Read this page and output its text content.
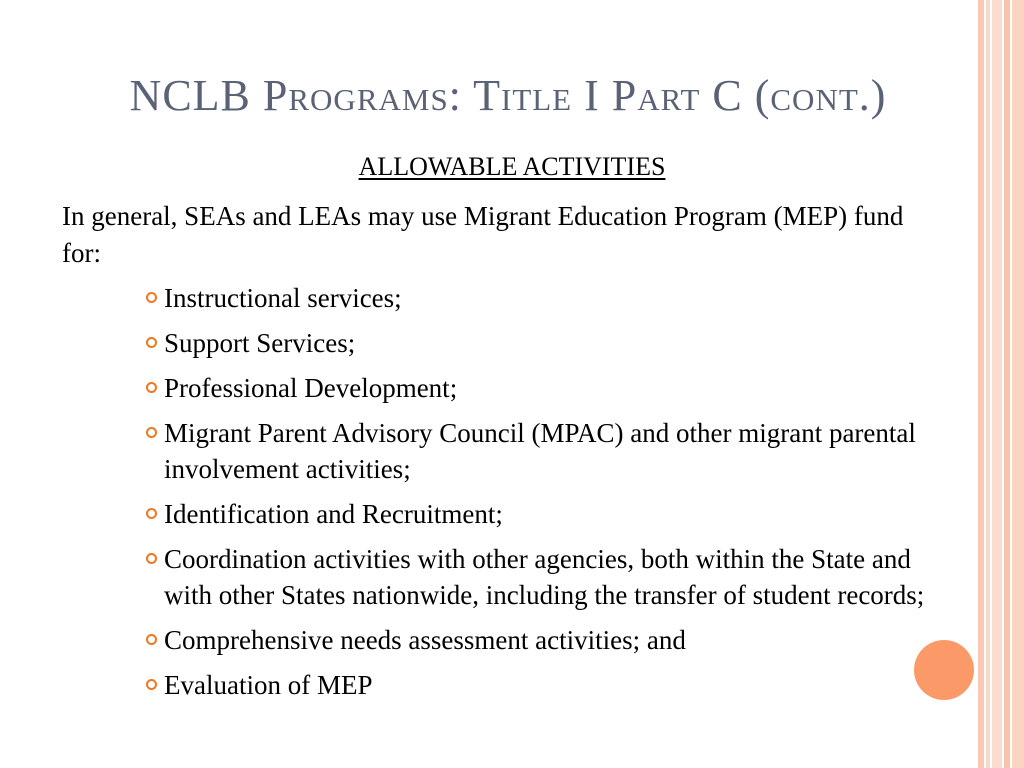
NCLB Programs: Title I Part C (cont.)
ALLOWABLE ACTIVITIES
In general, SEAs and LEAs may use Migrant Education Program (MEP) fund for:
Instructional services;
Support Services;
Professional Development;
Migrant Parent Advisory Council (MPAC) and other migrant parental involvement activities;
Identification and Recruitment;
Coordination activities with other agencies, both within the State and with other States nationwide, including the transfer of student records;
Comprehensive needs assessment activities; and
Evaluation of MEP
